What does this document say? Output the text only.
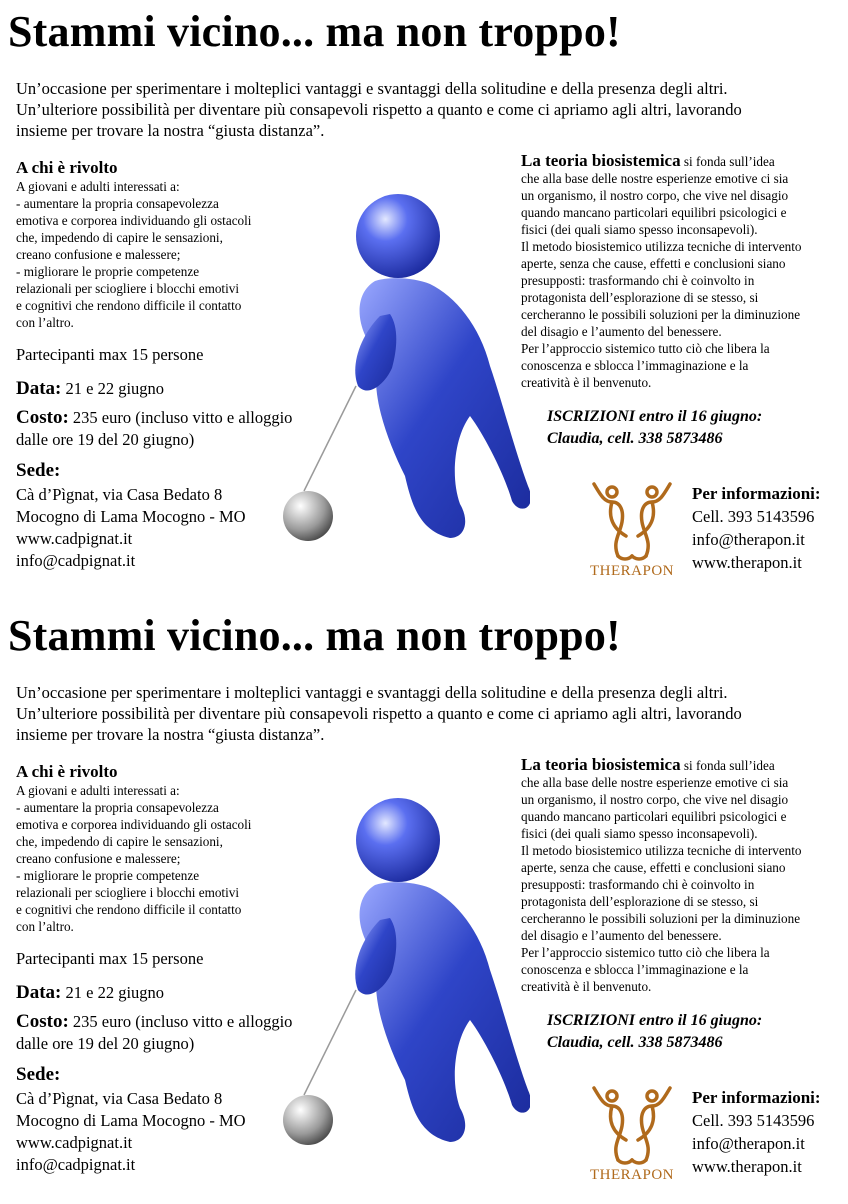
Stammi vicino... ma non troppo!

Un’occasione per sperimentare i molteplici vantaggi e svantaggi della solitudine e della presenza degli altri.

Un’ulteriore possibilità per diventare più consapevoli rispetto a quanto e come ci apriamo agli altri, lavorando

insieme per trovare la nostra “giusta distanza”.

A chi è rivolto
A giovani e adulti interessati a:
- aumentare la propria consapevolezza
emotiva e corporea individuando gli ostacoli
che, impedendo di capire le sensazioni,
creano confusione e malessere;
- migliorare le proprie competenze
relazionali per sciogliere i blocchi emotivi
e cognitivi che rendono difficile il contatto
con l’altro.
Partecipanti max 15 persone
Data: 21 e 22 giugno
Costo: 235 euro (incluso vitto e alloggio
dalle ore 19 del 20 giugno)
Sede:
Cà d’Pìgnat, via Casa Bedato 8
Mocogno di Lama Mocogno - MO
www.cadpignat.it
info@cadpignat.it
La teoria biosistemica si fonda sull’idea
che alla base delle nostre esperienze emotive ci sia
un organismo, il nostro corpo, che vive nel disagio
quando mancano particolari equilibri psicologici e
fisici (dei quali siamo spesso inconsapevoli).
Il metodo biosistemico utilizza tecniche di intervento
aperte, senza che cause, effetti e conclusioni siano
presupposti: trasformando chi è coinvolto in
protagonista dell’esplorazione di se stesso, si
cercheranno le possibili soluzioni per la diminuzione
del disagio e l’aumento del benessere.
Per l’approccio sistemico tutto ciò che libera la
conoscenza e sblocca l’immaginazione e la
creatività è il benvenuto.
ISCRIZIONI entro il 16 giugno:
Claudia, cell. 338 5873486
THERAPON
Per informazioni:
Cell. 393 5143596
info@therapon.it
www.therapon.it
Stammi vicino... ma non troppo!

Un’occasione per sperimentare i molteplici vantaggi e svantaggi della solitudine e della presenza degli altri.

Un’ulteriore possibilità per diventare più consapevoli rispetto a quanto e come ci apriamo agli altri, lavorando

insieme per trovare la nostra “giusta distanza”.

A chi è rivolto
A giovani e adulti interessati a:
- aumentare la propria consapevolezza
emotiva e corporea individuando gli ostacoli
che, impedendo di capire le sensazioni,
creano confusione e malessere;
- migliorare le proprie competenze
relazionali per sciogliere i blocchi emotivi
e cognitivi che rendono difficile il contatto
con l’altro.
Partecipanti max 15 persone
Data: 21 e 22 giugno
Costo: 235 euro (incluso vitto e alloggio
dalle ore 19 del 20 giugno)
Sede:
Cà d’Pìgnat, via Casa Bedato 8
Mocogno di Lama Mocogno - MO
www.cadpignat.it
info@cadpignat.it
La teoria biosistemica si fonda sull’idea
che alla base delle nostre esperienze emotive ci sia
un organismo, il nostro corpo, che vive nel disagio
quando mancano particolari equilibri psicologici e
fisici (dei quali siamo spesso inconsapevoli).
Il metodo biosistemico utilizza tecniche di intervento
aperte, senza che cause, effetti e conclusioni siano
presupposti: trasformando chi è coinvolto in
protagonista dell’esplorazione di se stesso, si
cercheranno le possibili soluzioni per la diminuzione
del disagio e l’aumento del benessere.
Per l’approccio sistemico tutto ciò che libera la
conoscenza e sblocca l’immaginazione e la
creatività è il benvenuto.
ISCRIZIONI entro il 16 giugno:
Claudia, cell. 338 5873486
THERAPON
Per informazioni:
Cell. 393 5143596
info@therapon.it
www.therapon.it
